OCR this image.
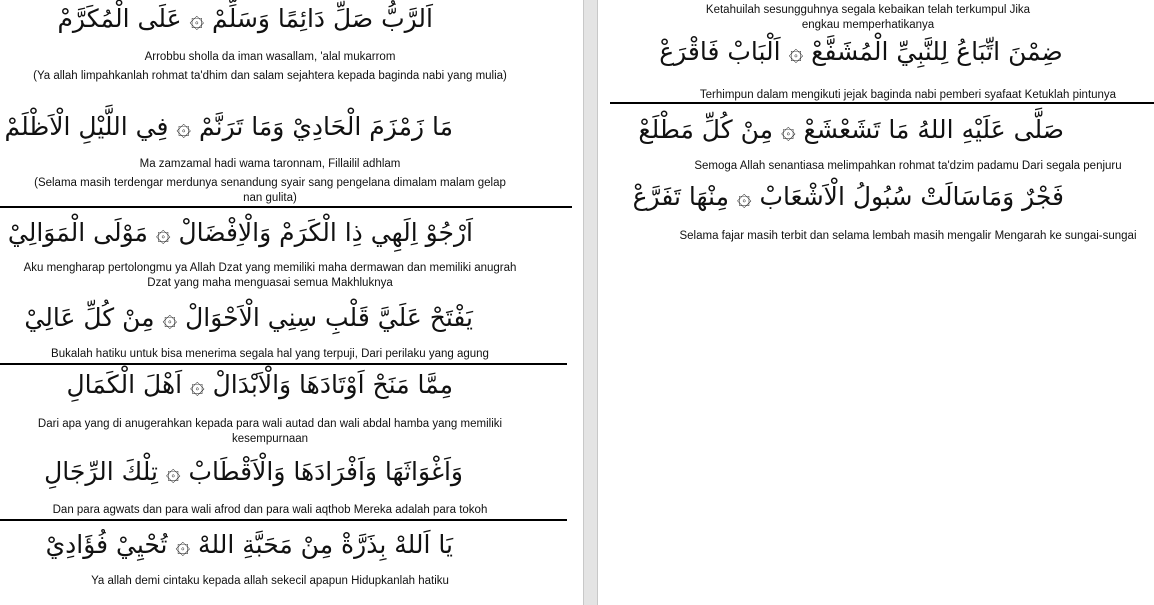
اَلرَّبُّ صَلِّ دَائِمًا وَسَلِّمْ ۞ عَلَى الْمُكَرَّمْ
Arrobbu sholla da iman wasallam, 'alal mukarrom
(Ya allah limpahkanlah rohmat ta'dhim dan salam sejahtera kepada baginda nabi yang mulia)
مَا زَمْزَمَ الْحَادِيْ وَمَا تَرَنَّمْ ۞ فِي اللَّيْلِ الْاَظْلَمْ
Ma zamzamal hadi wama taronnam, Fillailil adhlam
(Selama masih terdengar merdunya senandung syair sang pengelana dimalam malam gelap nan gulita)
اَرْجُوْ اِلَهِي ذِا الْكَرَمْ وَالْاِفْضَالْ ۞ مَوْلَى الْمَوَالِيْ
Aku mengharap pertolongmu ya Allah Dzat yang memiliki maha dermawan dan memiliki anugrah Dzat yang maha menguasai semua Makhluknya
يَفْتَحْ عَلَيَّ قَلْبِ سِنِي الْاَحْوَالْ ۞ مِنْ كُلِّ عَالِيْ
Bukalah hatiku untuk bisa menerima segala hal yang terpuji, Dari perilaku yang agung
مِمَّا مَنَحْ اَوْتَادَهَا وَالْاَبْدَالْ ۞ اَهْلَ الْكَمَالِ
Dari apa yang di anugerahkan kepada para wali autad dan wali abdal hamba yang memiliki kesempurnaan
وَاَغْوَاثَهَا وَاَفْرَادَهَا وَالْاَقْطَابْ ۞ تِلْكَ الرِّجَالِ
Dan para agwats dan para wali afrod dan para wali aqthob Mereka adalah para tokoh
يَا اَللهْ بِذَرَّةْ مِنْ مَحَبَّةِ اللهْ ۞ تُحْيِيْ فُؤَادِيْ
Ya allah demi cintaku kepada allah sekecil apapun Hidupkanlah hatiku
Ketahuilah sesungguhnya segala kebaikan telah terkumpul Jika engkau memperhatikanya
ضِمْنَ اتِّبَاعُ لِلنَّبِيِّ الْمُشَفَّعْ ۞ اَلْبَابْ فَاقْرَعْ
Terhimpun dalam mengikuti jejak baginda nabi pemberi syafaat Ketuklah pintunya
صَلَّى عَلَيْهِ اللهُ مَا تَشَعْشَعْ ۞ مِنْ كُلِّ مَطْلَعْ
Semoga Allah senantiasa melimpahkan rohmat ta'dzim padamu Dari segala penjuru
فَجْرٌ وَمَاسَالَتْ سُبُولُ الْاَشْعَابْ ۞ مِنْهَا تَفَرَّعْ
Selama fajar masih terbit dan selama lembah masih mengalir Mengarah ke sungai-sungai
